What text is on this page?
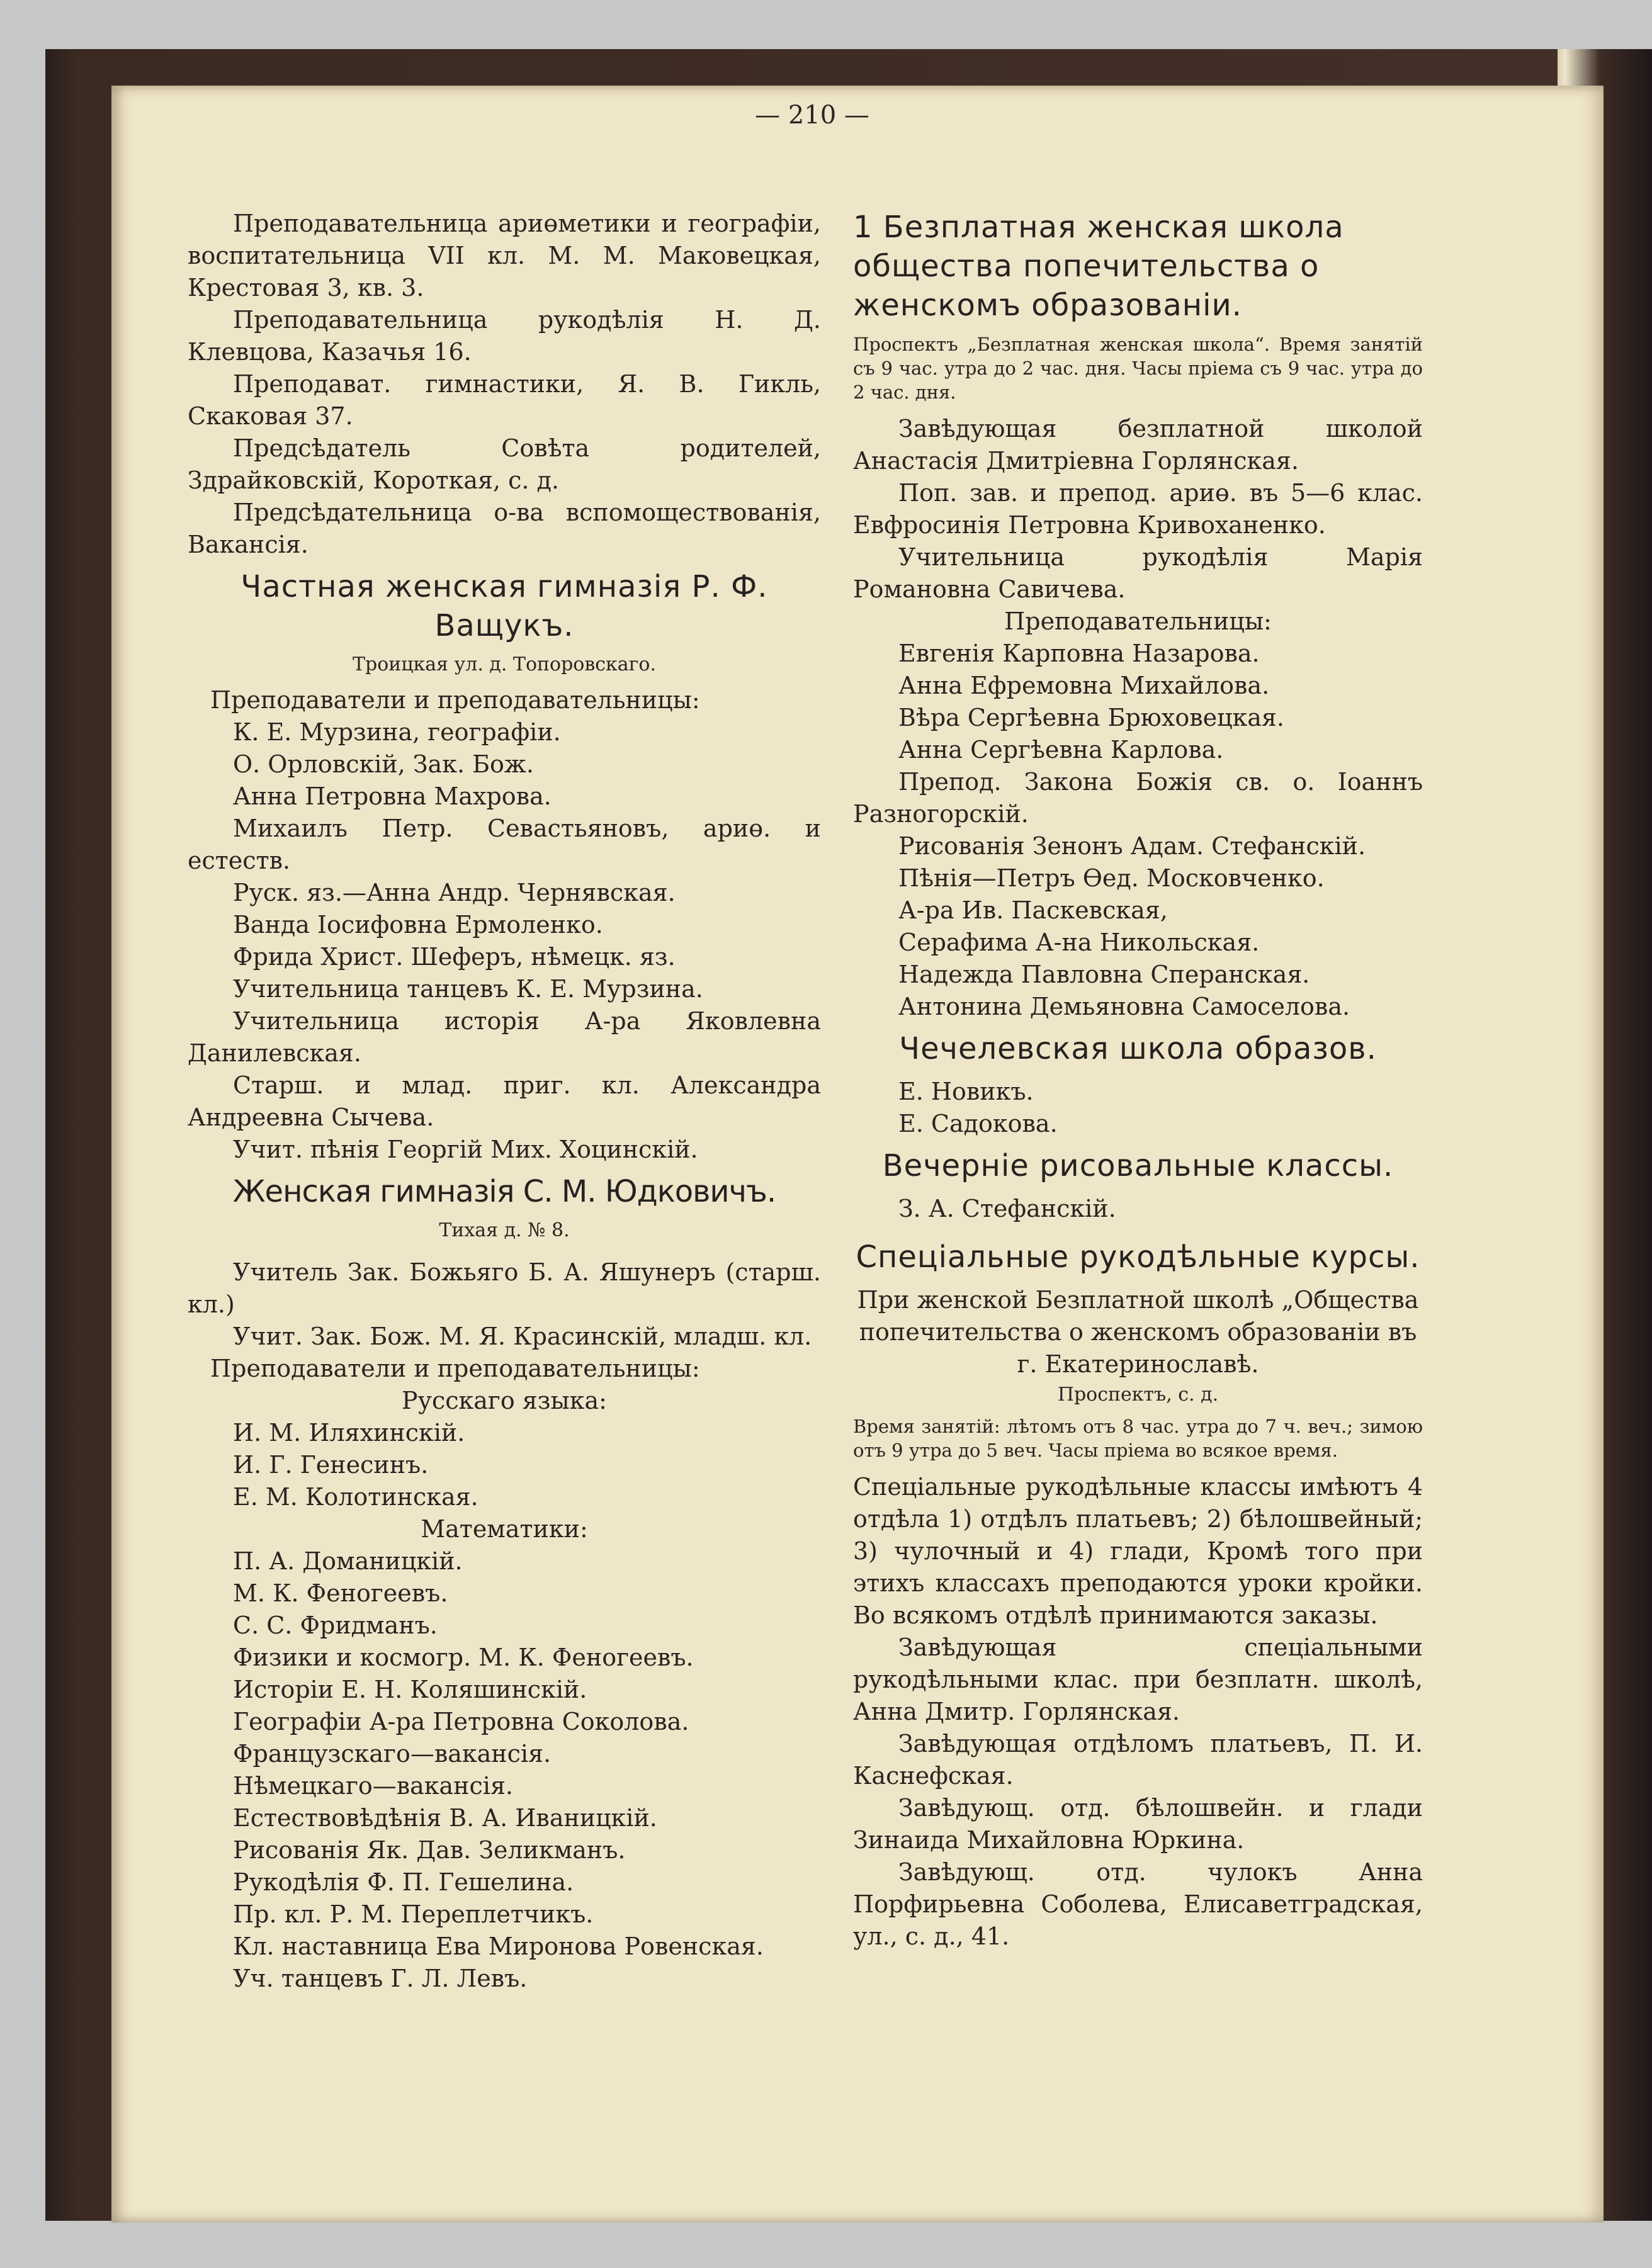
— 210 —

Преподавательница ариөметики и географіи, воспитательница VII кл. М. М. Маковецкая, Крестовая 3, кв. 3.

Преподавательница рукодѣлія Н. Д. Клевцова, Казачья 16.

Преподават. гимнастики, Я. В. Гикль, Скаковая 37.

Предсѣдатель Совѣта родителей, Здрайковскій, Короткая, с. д.

Предсѣдательница о-ва вспомоществованія, Вакансія.

Частная женская гимназія Р. Ф. Ващукъ.
Троицкая ул. д. Топоровскаго.

Преподаватели и преподавательницы:

К. Е. Мурзина, географіи.

О. Орловскій, Зак. Бож.

Анна Петровна Махрова.

Михаилъ Петр. Севастьяновъ, ариө. и естеств.

Руск. яз.—Анна Андр. Чернявская.

Ванда Іосифовна Ермоленко.

Фрида Христ. Шеферъ, нѣмецк. яз.

Учительница танцевъ К. Е. Мурзина.

Учительница исторія А-ра Яковлевна Данилевская.

Старш. и млад. приг. кл. Александра Андреевна Сычева.

Учит. пѣнія Георгій Мих. Хоцинскій.

Женская гимназія С. М. Юдковичъ.
Тихая д. № 8.

Учитель Зак. Божьяго Б. А. Яшунеръ (старш. кл.)

Учит. Зак. Бож. М. Я. Красинскій, младш. кл.

Преподаватели и преподавательницы:

Русскаго языка:

И. М. Иляхинскій.

И. Г. Генесинъ.

Е. М. Колотинская.

Математики:

П. А. Доманицкій.

М. К. Феногеевъ.

С. С. Фридманъ.

Физики и космогр. М. К. Феногеевъ.

Исторіи Е. Н. Коляшинскій.

Географіи А-ра Петровна Соколова.

Французскаго—вакансія.

Нѣмецкаго—вакансія.

Естествовѣдѣнія В. А. Иваницкій.

Рисованія Як. Дав. Зеликманъ.

Рукодѣлія Ф. П. Гешелина.

Пр. кл. Р. М. Переплетчикъ.

Кл. наставница Ева Миронова Ровенская.

Уч. танцевъ Г. Л. Левъ.

1 Безплатная женская школа общества попечительства о женскомъ образованіи.
Проспектъ „Безплатная женская школа“. Время занятій съ 9 час. утра до 2 час. дня. Часы пріема съ 9 час. утра до 2 час. дня.

Завѣдующая безплатной школой Анастасія Дмитріевна Горлянская.

Поп. зав. и препод. ариө. въ 5—6 клас. Евфросинія Петровна Кривоханенко.

Учительница рукодѣлія Марія Романовна Савичева.

Преподавательницы:

Евгенія Карповна Назарова.

Анна Ефремовна Михайлова.

Вѣра Сергѣевна Брюховецкая.

Анна Сергѣевна Карлова.

Препод. Закона Божія св. о. Іоаннъ Разногорскій.

Рисованія Зенонъ Адам. Стефанскій.

Пѣнія—Петръ Өед. Московченко.

А-ра Ив. Паскевская,

Серафима А-на Никольская.

Надежда Павловна Сперанская.

Антонина Демьяновна Самоселова.

Чечелевская школа образов.

Е. Новикъ.

Е. Садокова.

Вечерніе рисовальные классы.

З. А. Стефанскій.

Спеціальные рукодѣльные курсы.

При женской Безплатной школѣ „Общества попечительства о женскомъ образованіи въ г. Екатеринославѣ.

Проспектъ, с. д.
Время занятій: лѣтомъ отъ 8 час. утра до 7 ч. веч.; зимою отъ 9 утра до 5 веч. Часы пріема во всякое время.

Спеціальные рукодѣльные классы имѣютъ 4 отдѣла 1) отдѣлъ платьевъ; 2) бѣлошвейный; 3) чулочный и 4) глади, Кромѣ того при этихъ классахъ преподаются уроки кройки. Во всякомъ отдѣлѣ принимаются заказы.

Завѣдующая спеціальными рукодѣльными клас. при безплатн. школѣ, Анна Дмитр. Горлянская.

Завѣдующая отдѣломъ платьевъ, П. И. Каснефская.

Завѣдующ. отд. бѣлошвейн. и глади Зинаида Михайловна Юркина.

Завѣдующ. отд. чулокъ Анна Порфирьевна Соболева, Елисаветградская, ул., с. д., 41.
